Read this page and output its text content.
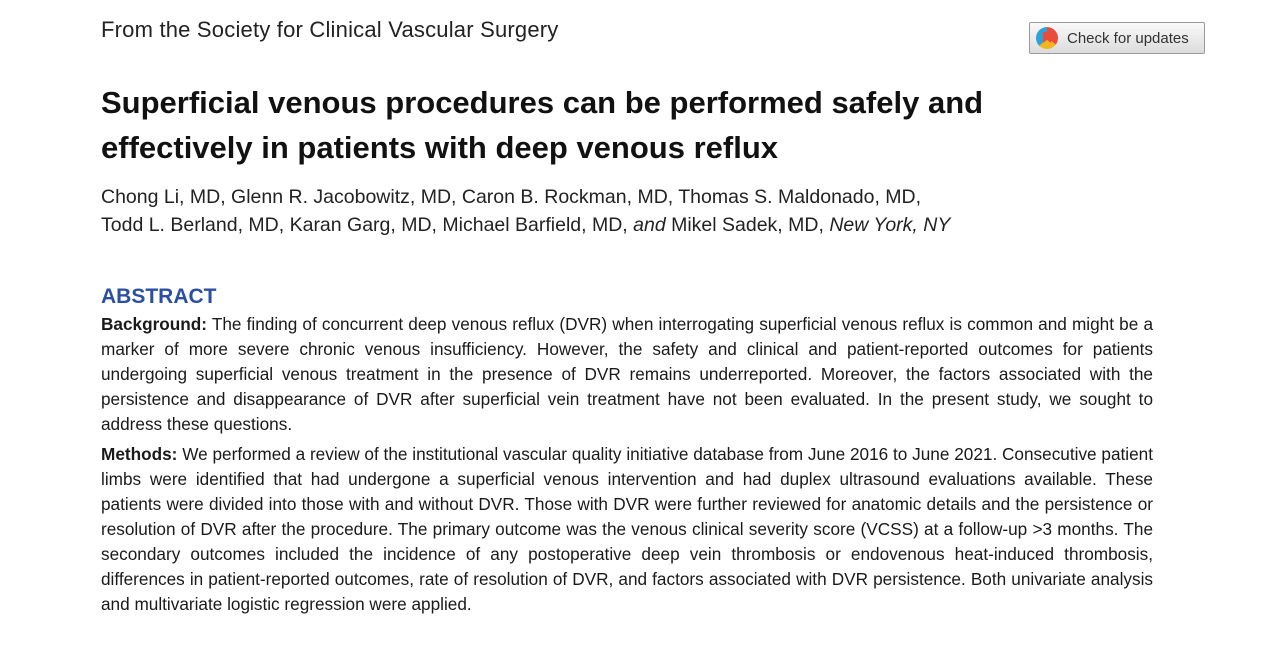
From the Society for Clinical Vascular Surgery	Check for updates
Superficial venous procedures can be performed safely and effectively in patients with deep venous reflux

Chong Li, MD, Glenn R. Jacobowitz, MD, Caron B. Rockman, MD, Thomas S. Maldonado, MD,
Todd L. Berland, MD, Karan Garg, MD, Michael Barfield, MD, and Mikel Sadek, MD, New York, NY

ABSTRACT

Background: The finding of concurrent deep venous reflux (DVR) when interrogating superficial venous reflux is common and might be a marker of more severe chronic venous insufficiency. However, the safety and clinical and patient-reported outcomes for patients undergoing superficial venous treatment in the presence of DVR remains underreported. Moreover, the factors associated with the persistence and disappearance of DVR after superficial vein treatment have not been evaluated. In the present study, we sought to address these questions.

Methods: We performed a review of the institutional vascular quality initiative database from June 2016 to June 2021. Consecutive patient limbs were identified that had undergone a superficial venous intervention and had duplex ultrasound evaluations available. These patients were divided into those with and without DVR. Those with DVR were further reviewed for anatomic details and the persistence or resolution of DVR after the procedure. The primary outcome was the venous clinical severity score (VCSS) at a follow-up >3 months. The secondary outcomes included the incidence of any postoperative deep vein thrombosis or endovenous heat-induced thrombosis, differences in patient-reported outcomes, rate of resolution of DVR, and factors associated with DVR persistence. Both univariate analysis and multivariate logistic regression were applied.
